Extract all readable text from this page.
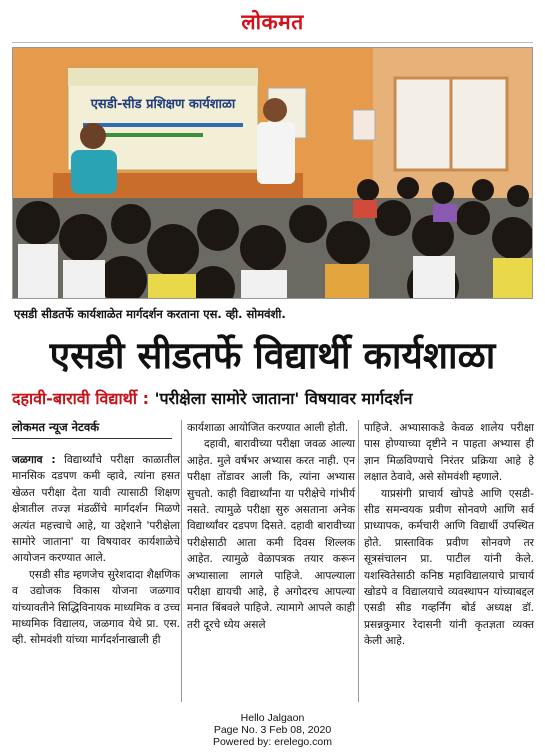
लोकमत
एसडी-सीड प्रशिक्षण कार्यशाळा
एसडी सीडतर्फे कार्यशाळेत मार्गदर्शन करताना एस. व्ही. सोमवंशी.
एसडी सीडतर्फे विद्यार्थी कार्यशाळा
दहावी-बारावी विद्यार्थी : 'परीक्षेला सामोरे जाताना' विषयावर मार्गदर्शन
लोकमत न्यूज नेटवर्क

जळगाव : विद्यार्थ्यांचे परीक्षा काळातील मानसिक दडपण कमी व्हावे, त्यांना हसत खेळत परीक्षा देता यावी त्यासाठी शिक्षण क्षेत्रातील तज्ज्ञ मंडळींचे मार्गदर्शन मिळणे अत्यंत महत्त्वाचे आहे, या उद्देशाने 'परीक्षेला सामोरे जाताना' या विषयावर कार्यशाळेचे आयोजन करण्यात आले.

एसडी सीड म्हणजेच सुरेशदादा शैक्षणिक व उद्योजक विकास योजना जळगाव यांच्यावतीने सिद्धिविनायक माध्यमिक व उच्च माध्यमिक विद्यालय, जळगाव येथे प्रा. एस. व्ही. सोमवंशी यांच्या मार्गदर्शनाखाली ही

कार्यशाळा आयोजित करण्यात आली होती.

दहावी, बारावीच्या परीक्षा जवळ आल्या आहेत. मुले वर्षभर अभ्यास करत नाही. एन परीक्षा तोंडावर आली कि, त्यांना अभ्यास सुचतो. काही विद्यार्थ्यांना या परीक्षेचे गांभीर्य नसते. त्यामुळे परीक्षा सुरु असताना अनेक विद्यार्थ्यांवर दडपण दिसते. दहावी बारावीच्या परीक्षेसाठी आता कमी दिवस शिल्लक आहेत. त्यामुळे वेळापत्रक तयार करून अभ्यासाला लागले पाहिजे. आपल्याला परीक्षा द्यायची आहे, हे अगोदरच आपल्या मनात बिंबवले पाहिजे. त्यामागे आपले काही तरी दूरचे ध्येय असले

पाहिजे. अभ्यासाकडे केवळ शालेय परीक्षा पास होण्याच्या दृष्टीने न पाहता अभ्यास ही ज्ञान मिळविण्याचे निरंतर प्रक्रिया आहे हे लक्षात ठेवावे, असे सोमवंशी म्हणाले.

याप्रसंगी प्राचार्य खोपडे आणि एसडी-सीड समन्वयक प्रवीण सोनवणे आणि सर्व प्राध्यापक, कर्मचारी आणि विद्यार्थी उपस्थित होते. प्रास्ताविक प्रवीण सोनवणे तर सूत्रसंचालन प्रा. पाटील यांनी केले. यशस्वितेसाठी कनिष्ठ महाविद्यालयाचे प्राचार्य खोडपे व विद्यालयाचे व्यवस्थापन यांच्याबद्दल एसडी सीड गव्हर्निंग बोर्ड अध्यक्ष डॉ. प्रसन्नकुमार रेदासनी यांनी कृतज्ञता व्यक्त केली आहे.

Hello Jalgaon
Page No. 3 Feb 08, 2020
Powered by: erelego.com
